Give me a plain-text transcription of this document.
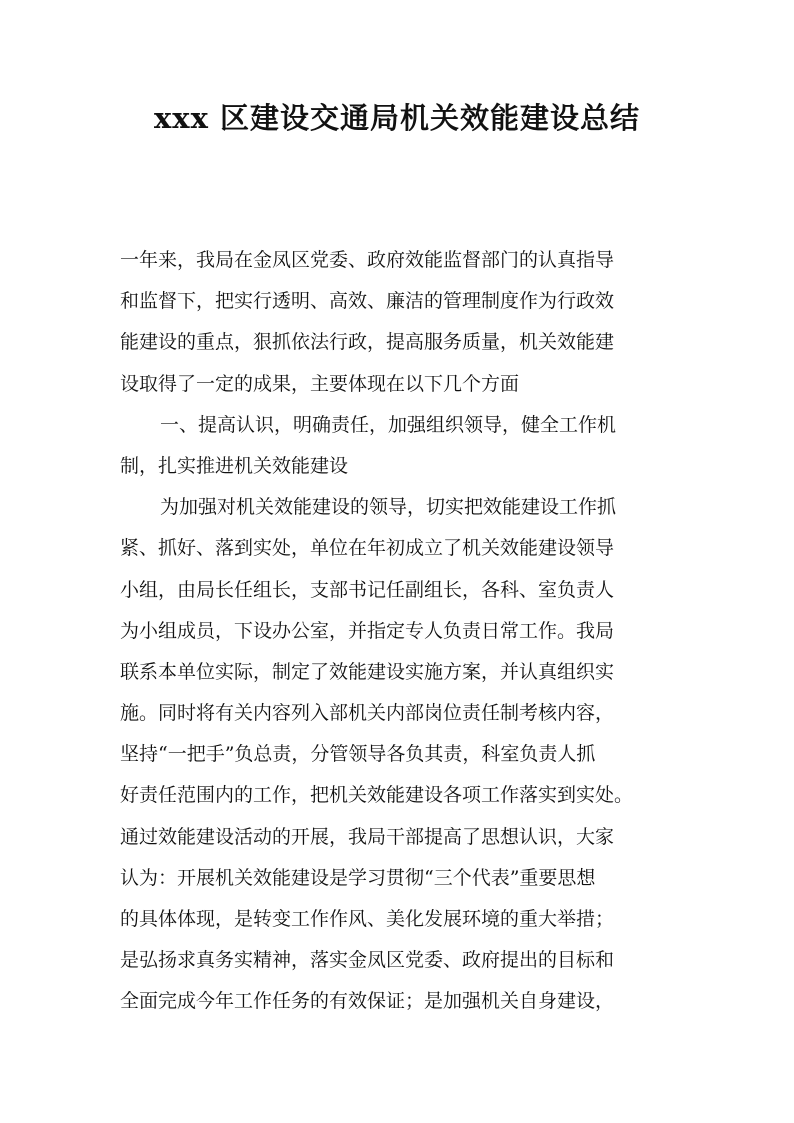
xxx 区建设交通局机关效能建设总结
一年来，我局在金凤区党委、政府效能监督部门的认真指导
和监督下，把实行透明、高效、廉洁的管理制度作为行政效
能建设的重点，狠抓依法行政，提高服务质量，机关效能建
设取得了一定的成果，主要体现在以下几个方面
一、提高认识，明确责任，加强组织领导，健全工作机
制，扎实推进机关效能建设
为加强对机关效能建设的领导，切实把效能建设工作抓
紧、抓好、落到实处，单位在年初成立了机关效能建设领导
小组，由局长任组长，支部书记任副组长，各科、室负责人
为小组成员，下设办公室，并指定专人负责日常工作。我局
联系本单位实际，制定了效能建设实施方案，并认真组织实
施。同时将有关内容列入部机关内部岗位责任制考核内容，
坚持“一把手”负总责，分管领导各负其责，科室负责人抓
好责任范围内的工作，把机关效能建设各项工作落实到实处。
通过效能建设活动的开展，我局干部提高了思想认识，大家
认为：开展机关效能建设是学习贯彻“三个代表”重要思想
的具体体现，是转变工作作风、美化发展环境的重大举措；
是弘扬求真务实精神，落实金凤区党委、政府提出的目标和
全面完成今年工作任务的有效保证；是加强机关自身建设，
